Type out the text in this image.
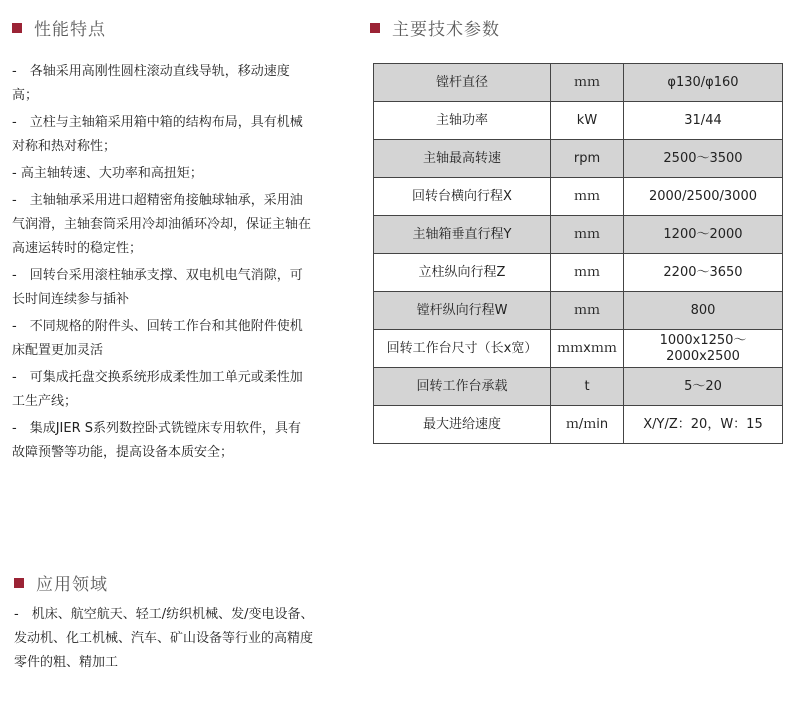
性能特点

-　各轴采用高刚性圆柱滚动直线导轨，移动速度高；

-　立柱与主轴箱采用箱中箱的结构布局，具有机械对称和热对称性；

- 高主轴转速、大功率和高扭矩；

-　主轴轴承采用进口超精密角接触球轴承，采用油气润滑，主轴套筒采用冷却油循环冷却，保证主轴在高速运转时的稳定性；

-　回转台采用滚柱轴承支撑、双电机电气消隙，可长时间连续参与插补

-　不同规格的附件头、回转工作台和其他附件使机床配置更加灵活

-　可集成托盘交换系统形成柔性加工单元或柔性加工生产线；

-　集成JIER S系列数控卧式铣镗床专用软件，具有故障预警等功能，提高设备本质安全；

主要技术参数
镗杆直径	ｍｍ	φ130/φ160
主轴功率	kW	31/44
主轴最高转速	rpm	2500～3500
回转台横向行程X	ｍｍ	2000/2500/3000
主轴箱垂直行程Y	ｍｍ	1200～2000
立柱纵向行程Z	ｍｍ	2200～3650
镗杆纵向行程W	ｍｍ	800
回转工作台尺寸（长x宽）	ｍｍxｍｍ	1000x1250～
2000x2500

回转工作台承载	t	5～20
最大进给速度	ｍ/ｍin	X/Y/Z：20，W：15
应用领域

-　机床、航空航天、轻工/纺织机械、发/变电设备、发动机、化工机械、汽车、矿山设备等行业的高精度零件的粗、精加工
